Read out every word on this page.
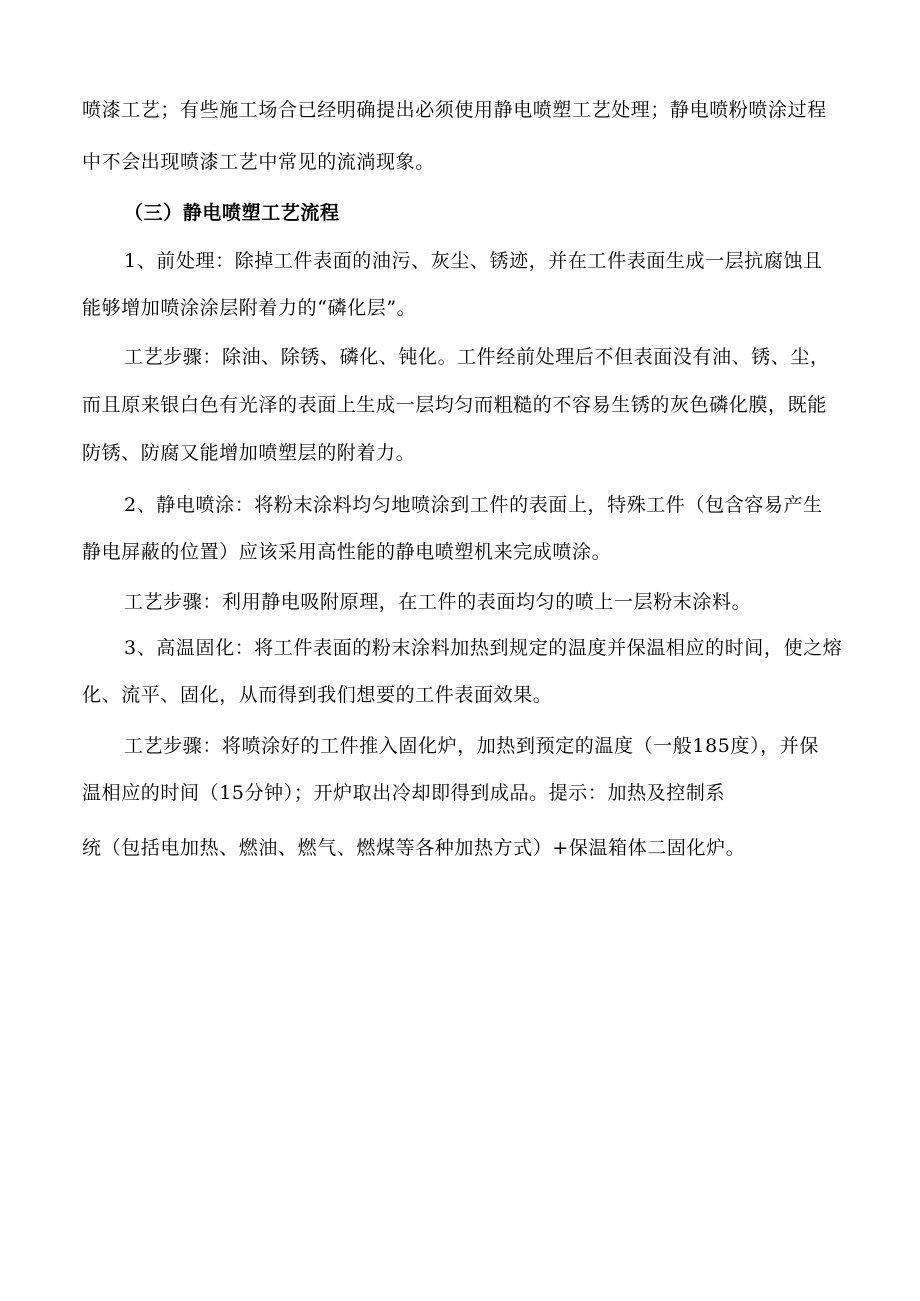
喷漆工艺；有些施工场合已经明确提出必须使用静电喷塑工艺处理；静电喷粉喷涂过程
中不会出现喷漆工艺中常见的流淌现象。
（三）静电喷塑工艺流程
1、前处理：除掉工件表面的油污、灰尘、锈迹，并在工件表面生成一层抗腐蚀且
能够增加喷涂涂层附着力的“磷化层”。
工艺步骤：除油、除锈、磷化、钝化。工件经前处理后不但表面没有油、锈、尘，
而且原来银白色有光泽的表面上生成一层均匀而粗糙的不容易生锈的灰色磷化膜，既能
防锈、防腐又能增加喷塑层的附着力。
2、静电喷涂：将粉末涂料均匀地喷涂到工件的表面上，特殊工件（包含容易产生
静电屏蔽的位置）应该采用高性能的静电喷塑机来完成喷涂。
工艺步骤：利用静电吸附原理，在工件的表面均匀的喷上一层粉末涂料。
3、高温固化：将工件表面的粉末涂料加热到规定的温度并保温相应的时间，使之熔
化、流平、固化，从而得到我们想要的工件表面效果。
工艺步骤：将喷涂好的工件推入固化炉，加热到预定的温度（一般185度），并保
温相应的时间（15分钟）；开炉取出冷却即得到成品。提示：加热及控制系
统（包括电加热、燃油、燃气、燃煤等各种加热方式）+保温箱体二固化炉。
